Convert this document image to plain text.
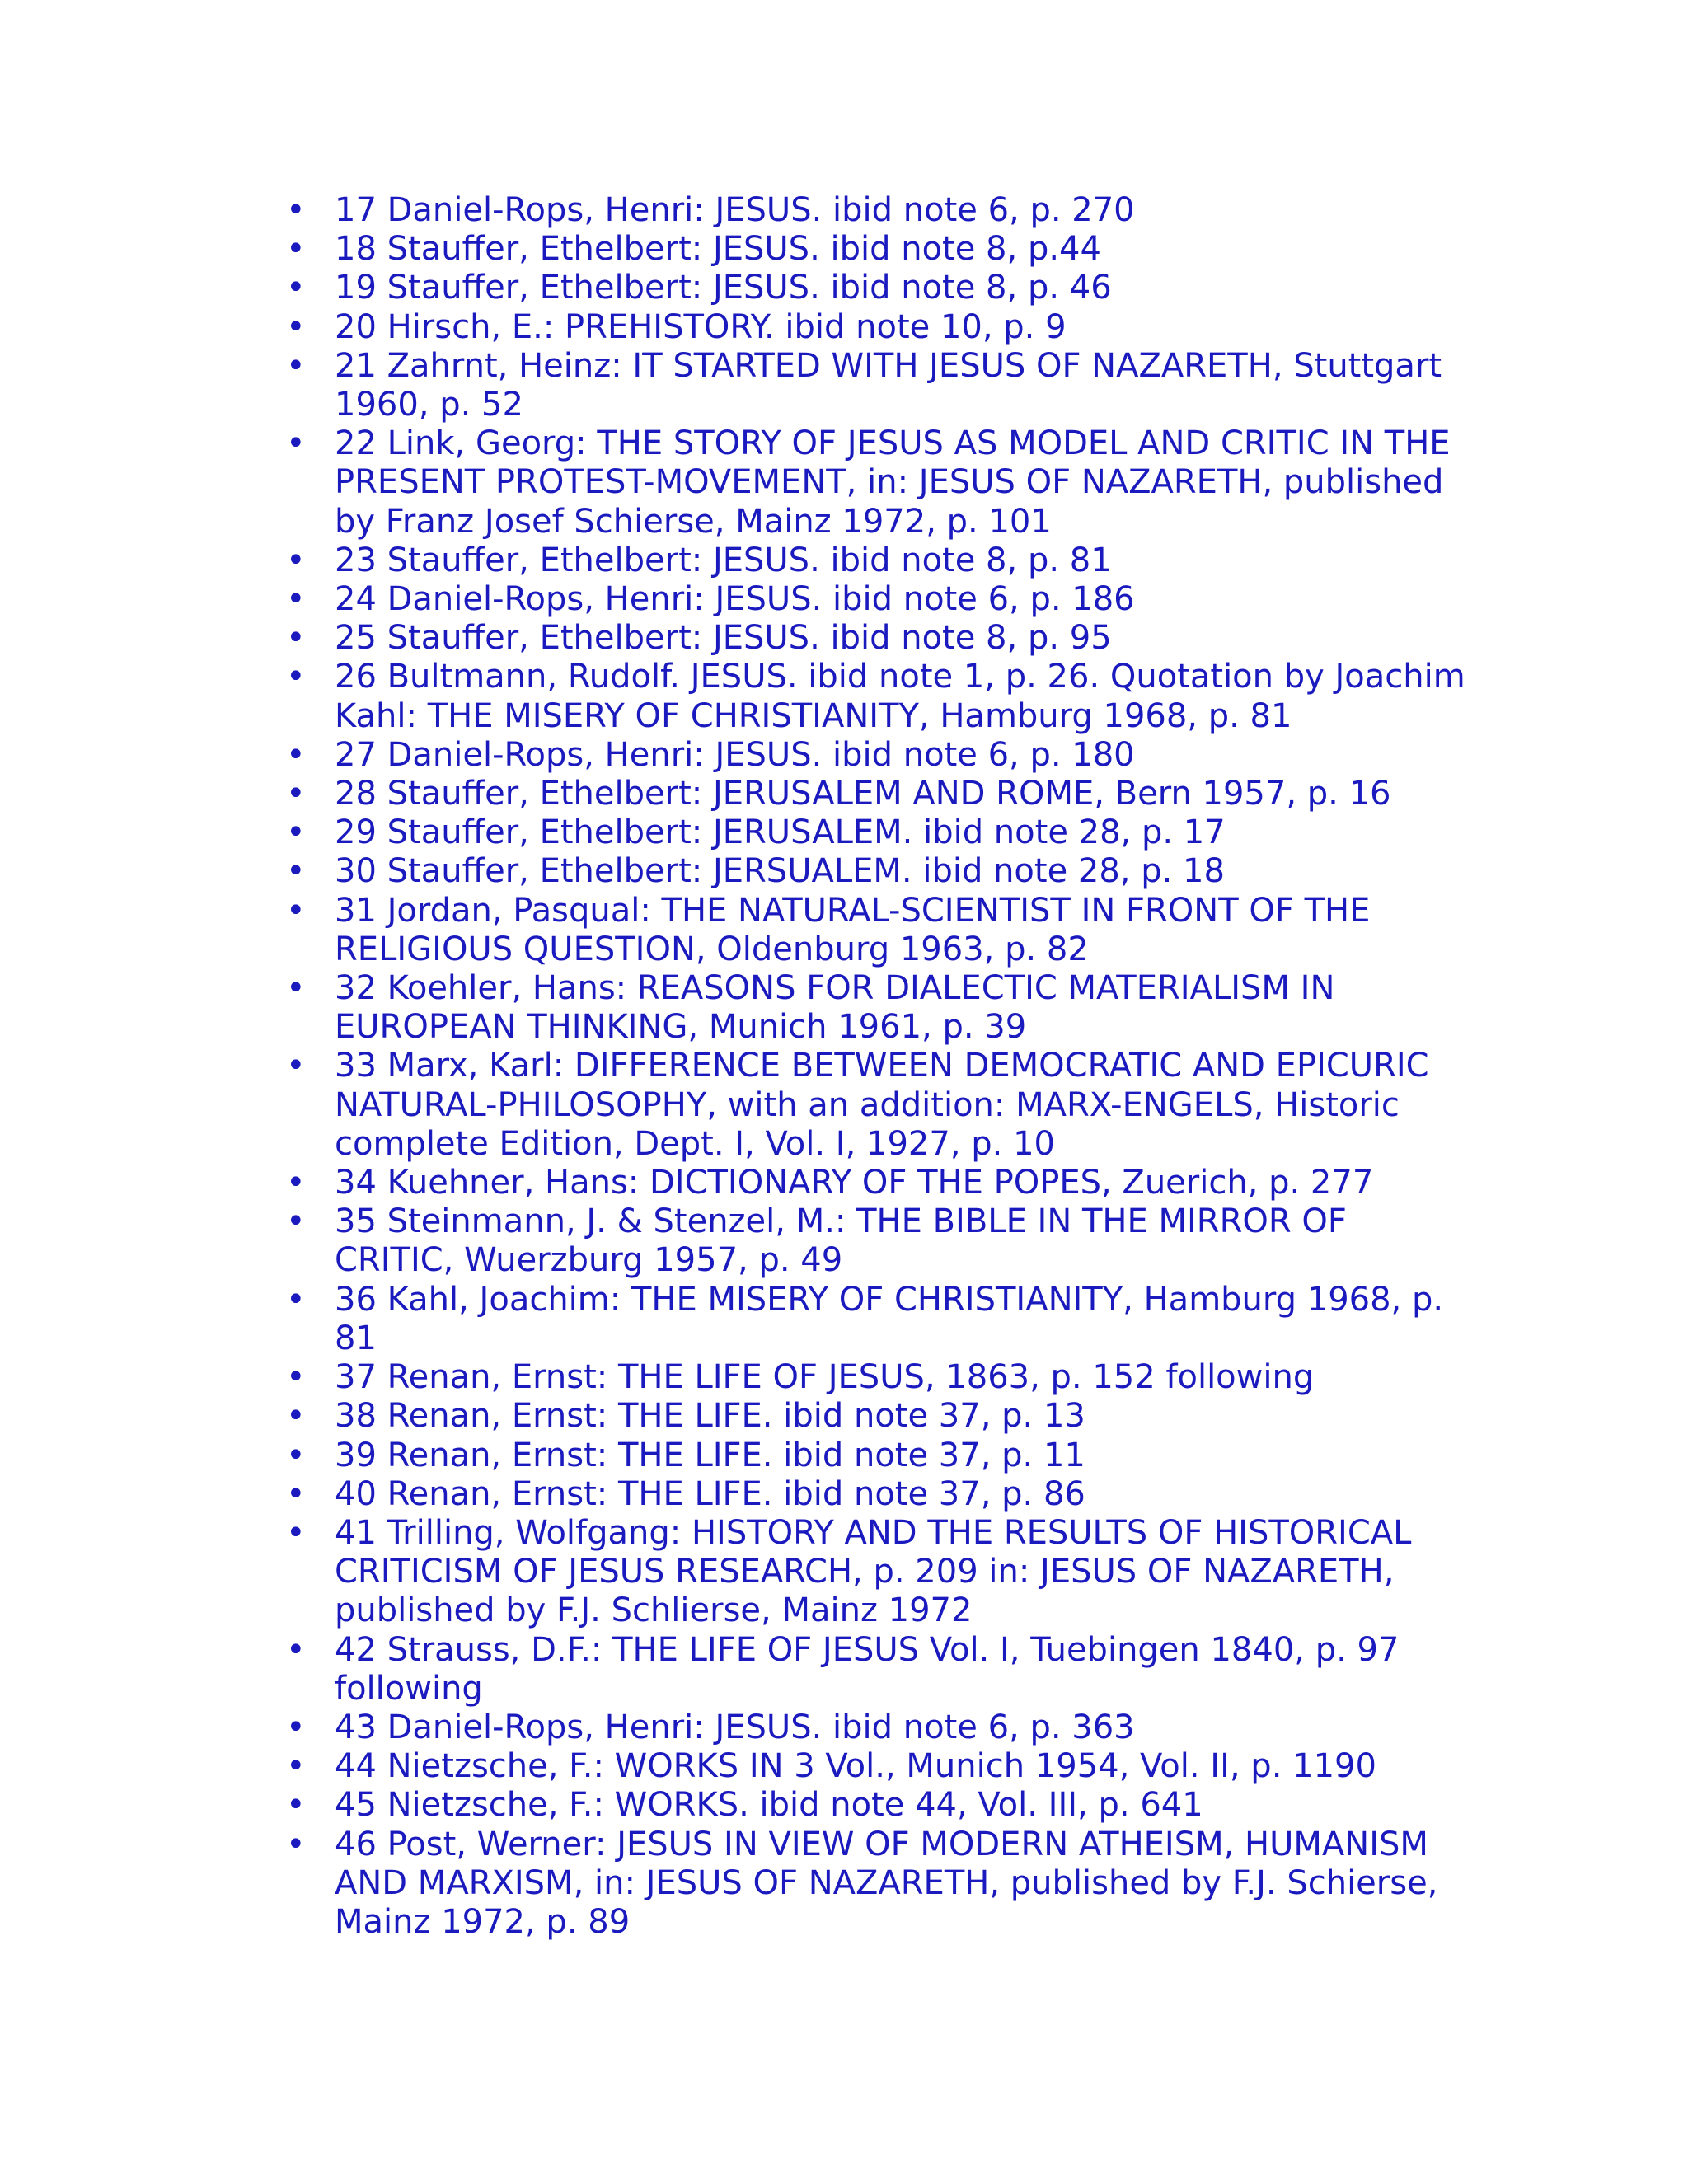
• 17 Daniel-Rops, Henri: JESUS. ibid note 6, p. 270
• 18 Stauffer, Ethelbert: JESUS. ibid note 8, p.44
• 19 Stauffer, Ethelbert: JESUS. ibid note 8, p. 46
• 20 Hirsch, E.: PREHISTORY. ibid note 10, p. 9
• 21 Zahrnt, Heinz: IT STARTED WITH JESUS OF NAZARETH, Stuttgart 1960, p. 52
• 22 Link, Georg: THE STORY OF JESUS AS MODEL AND CRITIC IN THE PRESENT PROTEST-MOVEMENT, in: JESUS OF NAZARETH, published by Franz Josef Schierse, Mainz 1972, p. 101
• 23 Stauffer, Ethelbert: JESUS. ibid note 8, p. 81
• 24 Daniel-Rops, Henri: JESUS. ibid note 6, p. 186
• 25 Stauffer, Ethelbert: JESUS. ibid note 8, p. 95
• 26 Bultmann, Rudolf. JESUS. ibid note 1, p. 26. Quotation by Joachim Kahl: THE MISERY OF CHRISTIANITY, Hamburg 1968, p. 81
• 27 Daniel-Rops, Henri: JESUS. ibid note 6, p. 180
• 28 Stauffer, Ethelbert: JERUSALEM AND ROME, Bern 1957, p. 16
• 29 Stauffer, Ethelbert: JERUSALEM. ibid note 28, p. 17
• 30 Stauffer, Ethelbert: JERSUALEM. ibid note 28, p. 18
• 31 Jordan, Pasqual: THE NATURAL-SCIENTIST IN FRONT OF THE RELIGIOUS QUESTION, Oldenburg 1963, p. 82
• 32 Koehler, Hans: REASONS FOR DIALECTIC MATERIALISM IN EUROPEAN THINKING, Munich 1961, p. 39
• 33 Marx, Karl: DIFFERENCE BETWEEN DEMOCRATIC AND EPICURIC NATURAL-PHILOSOPHY, with an addition: MARX-ENGELS, Historic complete Edition, Dept. I, Vol. I, 1927, p. 10
• 34 Kuehner, Hans: DICTIONARY OF THE POPES, Zuerich, p. 277
• 35 Steinmann, J. & Stenzel, M.: THE BIBLE IN THE MIRROR OF CRITIC, Wuerzburg 1957, p. 49
• 36 Kahl, Joachim: THE MISERY OF CHRISTIANITY, Hamburg 1968, p. 81
• 37 Renan, Ernst: THE LIFE OF JESUS, 1863, p. 152 following
• 38 Renan, Ernst: THE LIFE. ibid note 37, p. 13
• 39 Renan, Ernst: THE LIFE. ibid note 37, p. 11
• 40 Renan, Ernst: THE LIFE. ibid note 37, p. 86
• 41 Trilling, Wolfgang: HISTORY AND THE RESULTS OF HISTORICAL CRITICISM OF JESUS RESEARCH, p. 209 in: JESUS OF NAZARETH, published by F.J. Schlierse, Mainz 1972
• 42 Strauss, D.F.: THE LIFE OF JESUS Vol. I, Tuebingen 1840, p. 97 following
• 43 Daniel-Rops, Henri: JESUS. ibid note 6, p. 363
• 44 Nietzsche, F.: WORKS IN 3 Vol., Munich 1954, Vol. II, p. 1190
• 45 Nietzsche, F.: WORKS. ibid note 44, Vol. III, p. 641
• 46 Post, Werner: JESUS IN VIEW OF MODERN ATHEISM, HUMANISM AND MARXISM, in: JESUS OF NAZARETH, published by F.J. Schierse, Mainz 1972, p. 89
